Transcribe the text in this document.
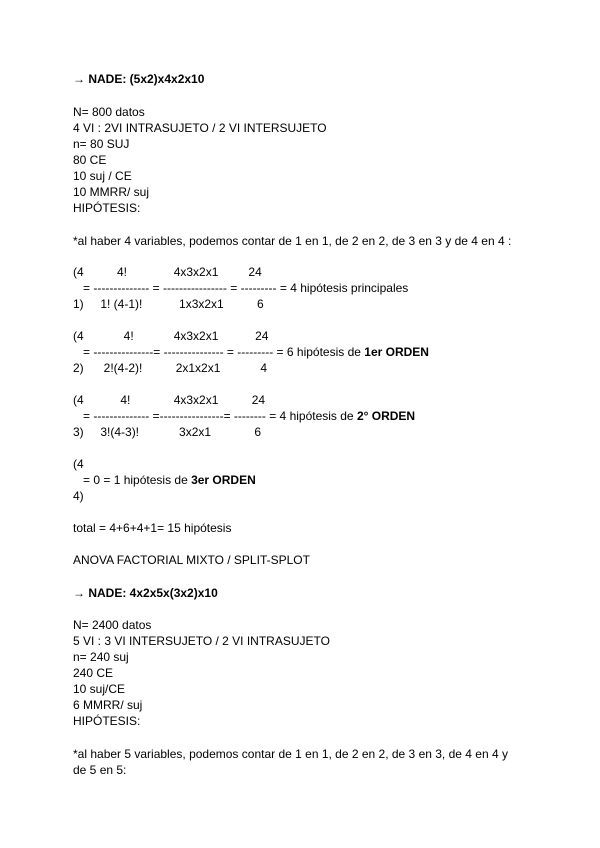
→ NADE: (5x2)x4x2x10
N= 800 datos
4 VI : 2VI INTRASUJETO / 2 VI INTERSUJETO
n= 80 SUJ
80 CE
10 suj / CE
10 MMRR/ suj
HIPÓTESIS:
*al haber 4 variables, podemos contar de 1 en 1, de 2 en 2, de 3 en 3 y de 4 en 4 :
(4          4!              4x3x2x1         24
= -------------- = ---------------- = --------- = 4 hipótesis principales
1)     1! (4-1)!           1x3x2x1          6
(4            4!            4x3x2x1           24
= ---------------= --------------- = --------- = 6 hipótesis de 1er ORDEN
2)      2!(4-2)!          2x1x2x1            4
(4           4!             4x3x2x1          24
= -------------- =----------------= -------- = 4 hipótesis de 2° ORDEN
3)     3!(4-3)!            3x2x1             6
(4
= 0 = 1 hipótesis de 3er ORDEN
4)
total = 4+6+4+1= 15 hipótesis
ANOVA FACTORIAL MIXTO / SPLIT-SPLOT
→ NADE: 4x2x5x(3x2)x10
N= 2400 datos
5 VI : 3 VI INTERSUJETO / 2 VI INTRASUJETO
n= 240 suj
240 CE
10 suj/CE
6 MMRR/ suj
HIPÓTESIS:
*al haber 5 variables, podemos contar de 1 en 1, de 2 en 2, de 3 en 3, de 4 en 4 y
de 5 en 5:
